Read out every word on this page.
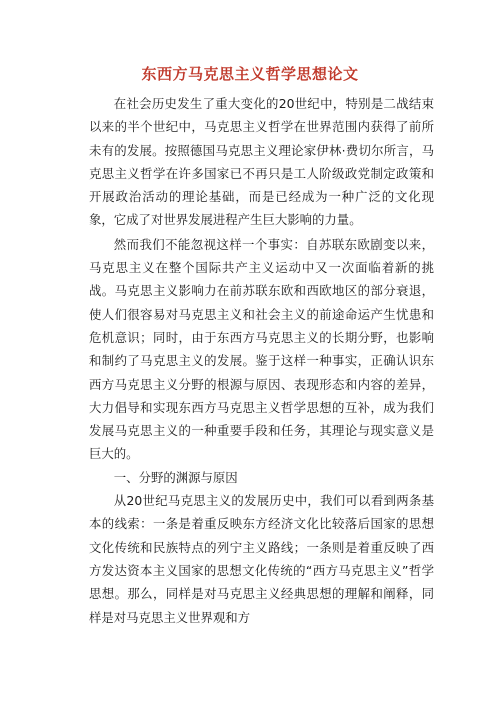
东西方马克思主义哲学思想论文

在社会历史发生了重大变化的20世纪中，特别是二战结束以来的半个世纪中，马克思主义哲学在世界范围内获得了前所未有的发展。按照德国马克思主义理论家伊林·费切尔所言，马克思主义哲学在许多国家已不再只是工人阶级政党制定政策和开展政治活动的理论基础，而是已经成为一种广泛的文化现象，它成了对世界发展进程产生巨大影响的力量。

然而我们不能忽视这样一个事实：自苏联东欧剧变以来，马克思主义在整个国际共产主义运动中又一次面临着新的挑战。马克思主义影响力在前苏联东欧和西欧地区的部分衰退，使人们很容易对马克思主义和社会主义的前途命运产生忧患和危机意识；同时，由于东西方马克思主义的长期分野，也影响和制约了马克思主义的发展。鉴于这样一种事实，正确认识东西方马克思主义分野的根源与原因、表现形态和内容的差异，大力倡导和实现东西方马克思主义哲学思想的互补，成为我们发展马克思主义的一种重要手段和任务，其理论与现实意义是巨大的。

一、分野的渊源与原因

从20世纪马克思主义的发展历史中，我们可以看到两条基本的线索：一条是着重反映东方经济文化比较落后国家的思想文化传统和民族特点的列宁主义路线；一条则是着重反映了西方发达资本主义国家的思想文化传统的“西方马克思主义”哲学思想。那么，同样是对马克思主义经典思想的理解和阐释，同样是对马克思主义世界观和方
